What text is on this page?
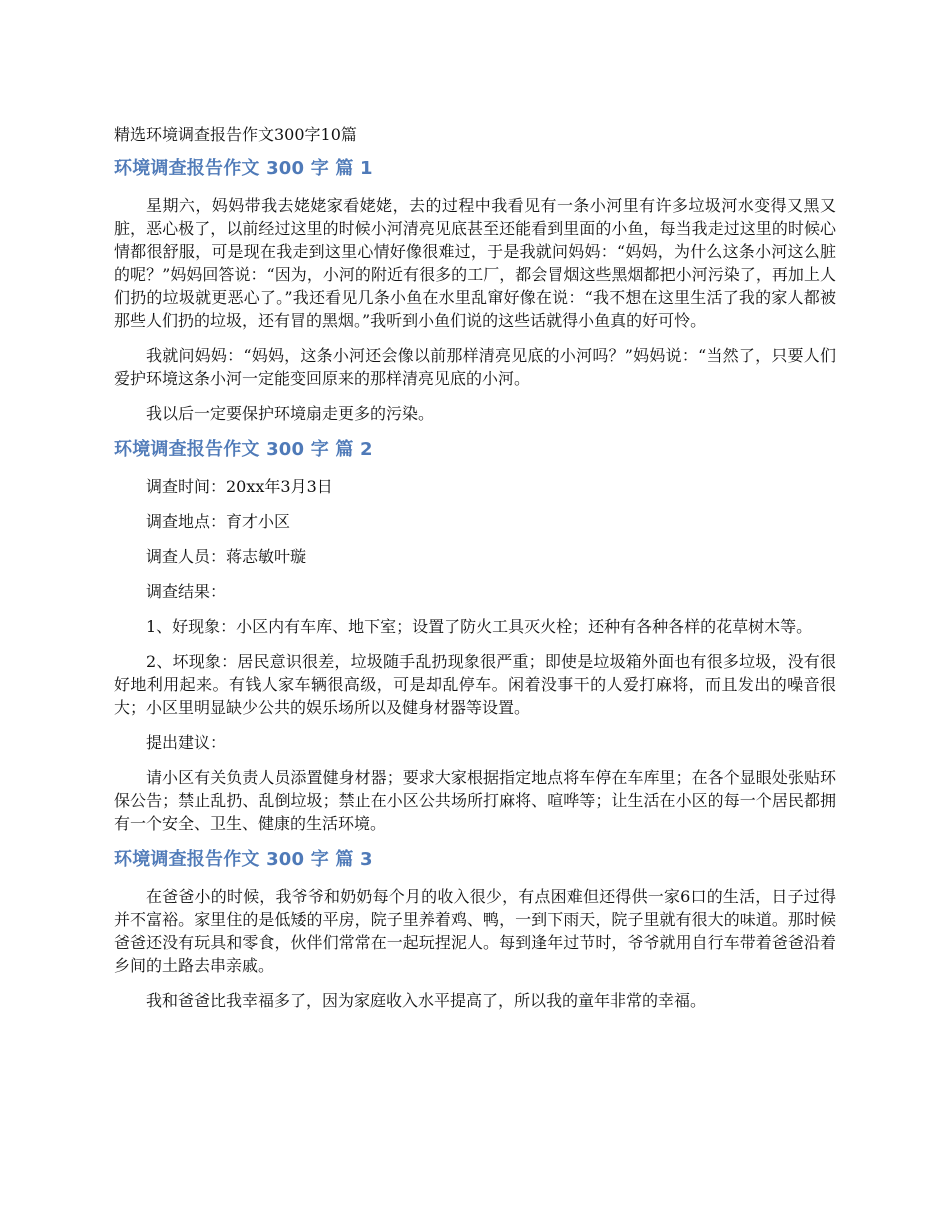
精选环境调查报告作文300字10篇
环境调查报告作文 300 字 篇 1

星期六，妈妈带我去姥姥家看姥姥，去的过程中我看见有一条小河里有许多垃圾河水变得又黑又脏，恶心极了，以前经过这里的时候小河清亮见底甚至还能看到里面的小鱼，每当我走过这里的时候心情都很舒服，可是现在我走到这里心情好像很难过，于是我就问妈妈：“妈妈，为什么这条小河这么脏的呢？”妈妈回答说：“因为，小河的附近有很多的工厂，都会冒烟这些黑烟都把小河污染了，再加上人们扔的垃圾就更恶心了。”我还看见几条小鱼在水里乱窜好像在说：“我不想在这里生活了我的家人都被那些人们扔的垃圾，还有冒的黑烟。”我听到小鱼们说的这些话就得小鱼真的好可怜。

我就问妈妈：“妈妈，这条小河还会像以前那样清亮见底的小河吗？”妈妈说：“当然了，只要人们爱护环境这条小河一定能变回原来的那样清亮见底的小河。

我以后一定要保护环境扇走更多的污染。

环境调查报告作文 300 字 篇 2

调查时间：20xx年3月3日

调查地点：育才小区

调查人员：蒋志敏叶璇

调查结果：

1、好现象：小区内有车库、地下室；设置了防火工具灭火栓；还种有各种各样的花草树木等。

2、坏现象：居民意识很差，垃圾随手乱扔现象很严重；即使是垃圾箱外面也有很多垃圾，没有很好地利用起来。有钱人家车辆很高级，可是却乱停车。闲着没事干的人爱打麻将，而且发出的噪音很大；小区里明显缺少公共的娱乐场所以及健身材器等设置。

提出建议：

请小区有关负责人员添置健身材器；要求大家根据指定地点将车停在车库里；在各个显眼处张贴环保公告；禁止乱扔、乱倒垃圾；禁止在小区公共场所打麻将、喧哗等；让生活在小区的每一个居民都拥有一个安全、卫生、健康的生活环境。

环境调查报告作文 300 字 篇 3

在爸爸小的时候，我爷爷和奶奶每个月的收入很少，有点困难但还得供一家6口的生活，日子过得并不富裕。家里住的是低矮的平房，院子里养着鸡、鸭，一到下雨天，院子里就有很大的味道。那时候爸爸还没有玩具和零食，伙伴们常常在一起玩捏泥人。每到逢年过节时，爷爷就用自行车带着爸爸沿着乡间的土路去串亲戚。

我和爸爸比我幸福多了，因为家庭收入水平提高了，所以我的童年非常的幸福。
